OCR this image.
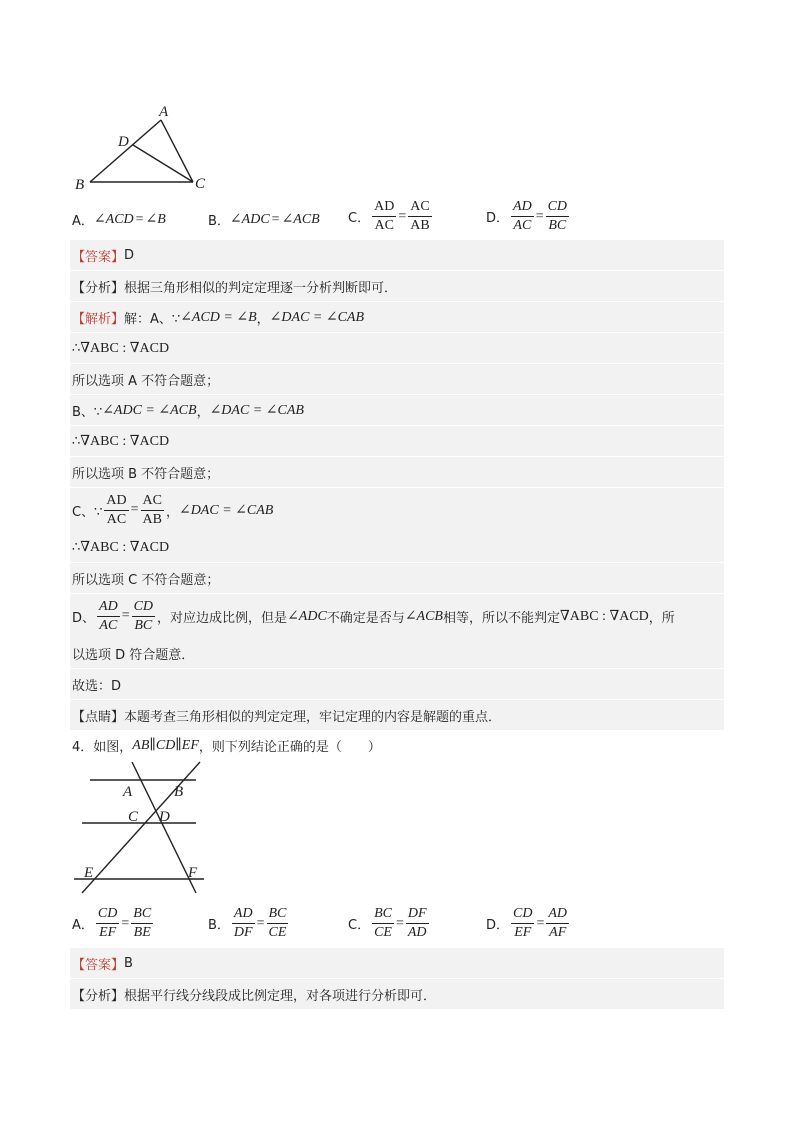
A
D
B	C
A． ∠ACD = ∠B	B． ∠ADC = ∠ACB C． $\frac{AD}{AC} = \frac{AC}{AB}$	D． $\frac{AD}{AC} = \frac{CD}{BC}$
【答案】 D
【分析】 根据三角形相似的判定定理逐一分析判断即可．
【解析】 解：A、∵ ∠ACD = ∠B ， ∠DAC = ∠CAB
∴ ∇ABC : ∇ACD
所以选项 A 不符合题意；
B、∵ ∠ADC = ∠ACB ， ∠DAC = ∠CAB
∴ ∇ABC : ∇ACD
所以选项 B 不符合题意；
C、∵ $\frac{AD}{AC} = \frac{AC}{AB}$ ， ∠DAC = ∠CAB
∴ ∇ABC : ∇ACD
所以选项 C 不符合题意；
D、 $\frac{AD}{AC} = \frac{CD}{BC}$ ，对应边成比例，但是 ∠ADC 不确定是否与 ∠ACB 相等，所以不能判定 ∇ABC : ∇ACD ，所
以选项 D 符合题意．
故选：D
【点睛】 本题考查三角形相似的判定定理，牢记定理的内容是解题的重点．
4．如图， AB∥CD∥EF ，则下列结论正确的是（　　）
A	B
C D
E	F
A． $\frac{CD}{EF} = \frac{BC}{BE}$	B． $\frac{AD}{DF} = \frac{BC}{CE}$	C． $\frac{BC}{CE} = \frac{DF}{AD}$	D． $\frac{CD}{EF} = \frac{AD}{AF}$
【答案】 B
【分析】 根据平行线分线段成比例定理，对各项进行分析即可．
